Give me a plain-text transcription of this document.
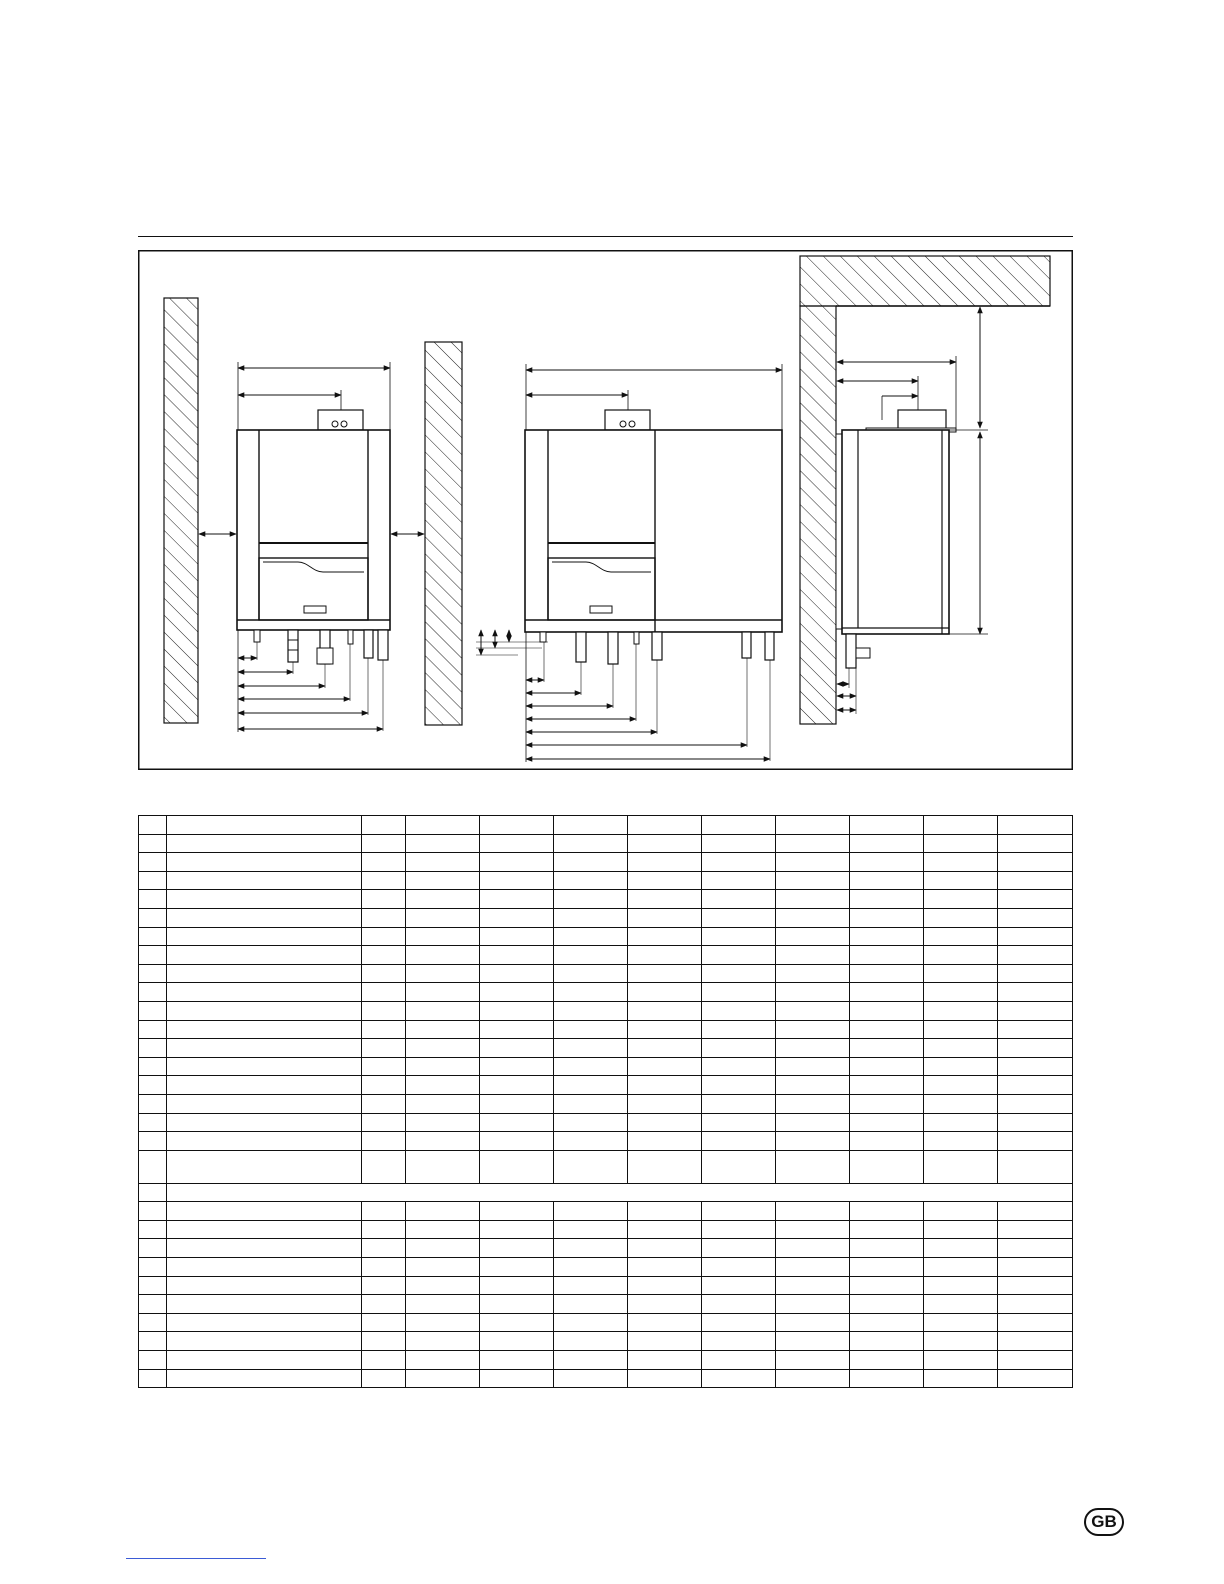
GB
